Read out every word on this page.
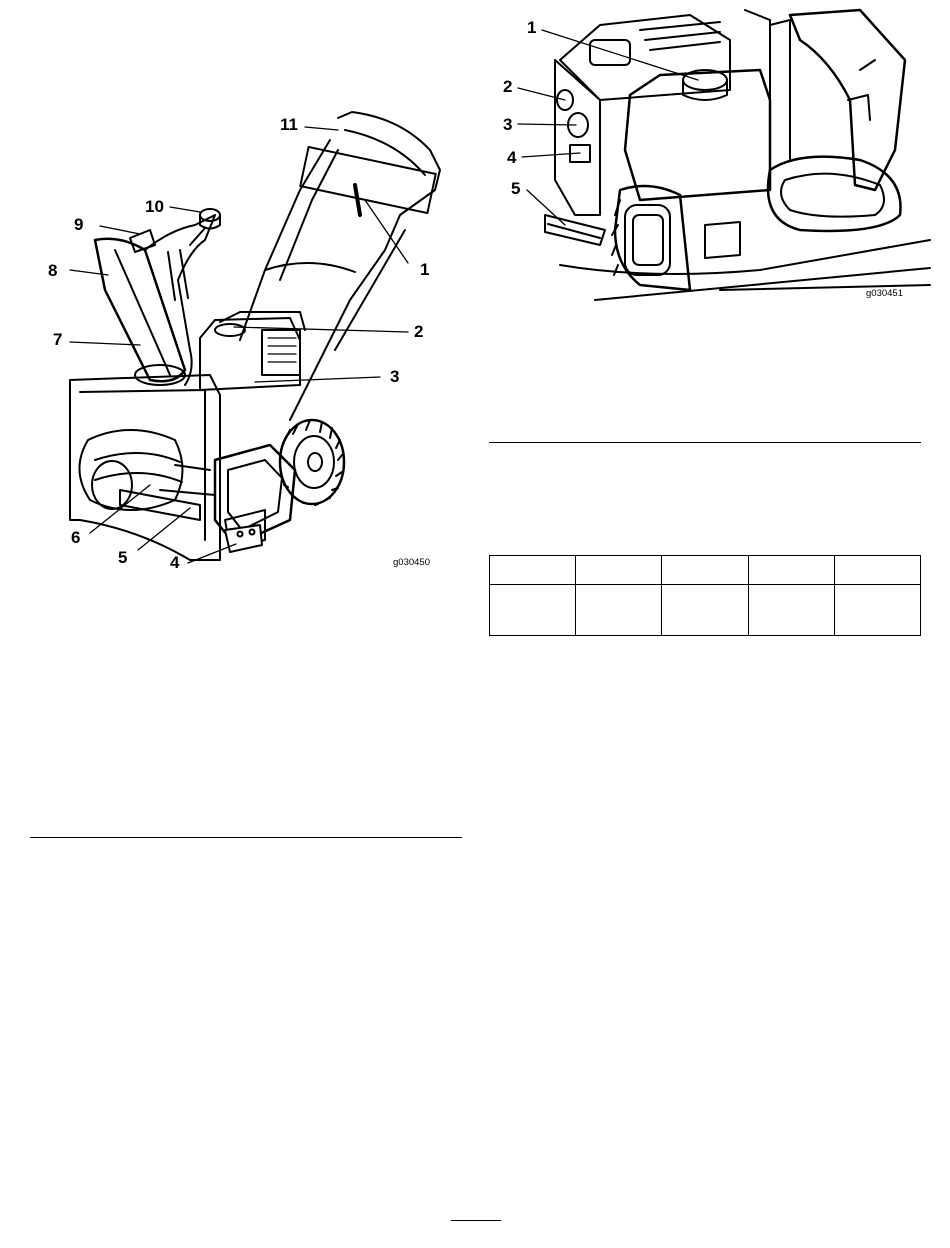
1
2
3
4
5
6
7
8
9
10
11
g030450
1
2
3
4
5
g030451
